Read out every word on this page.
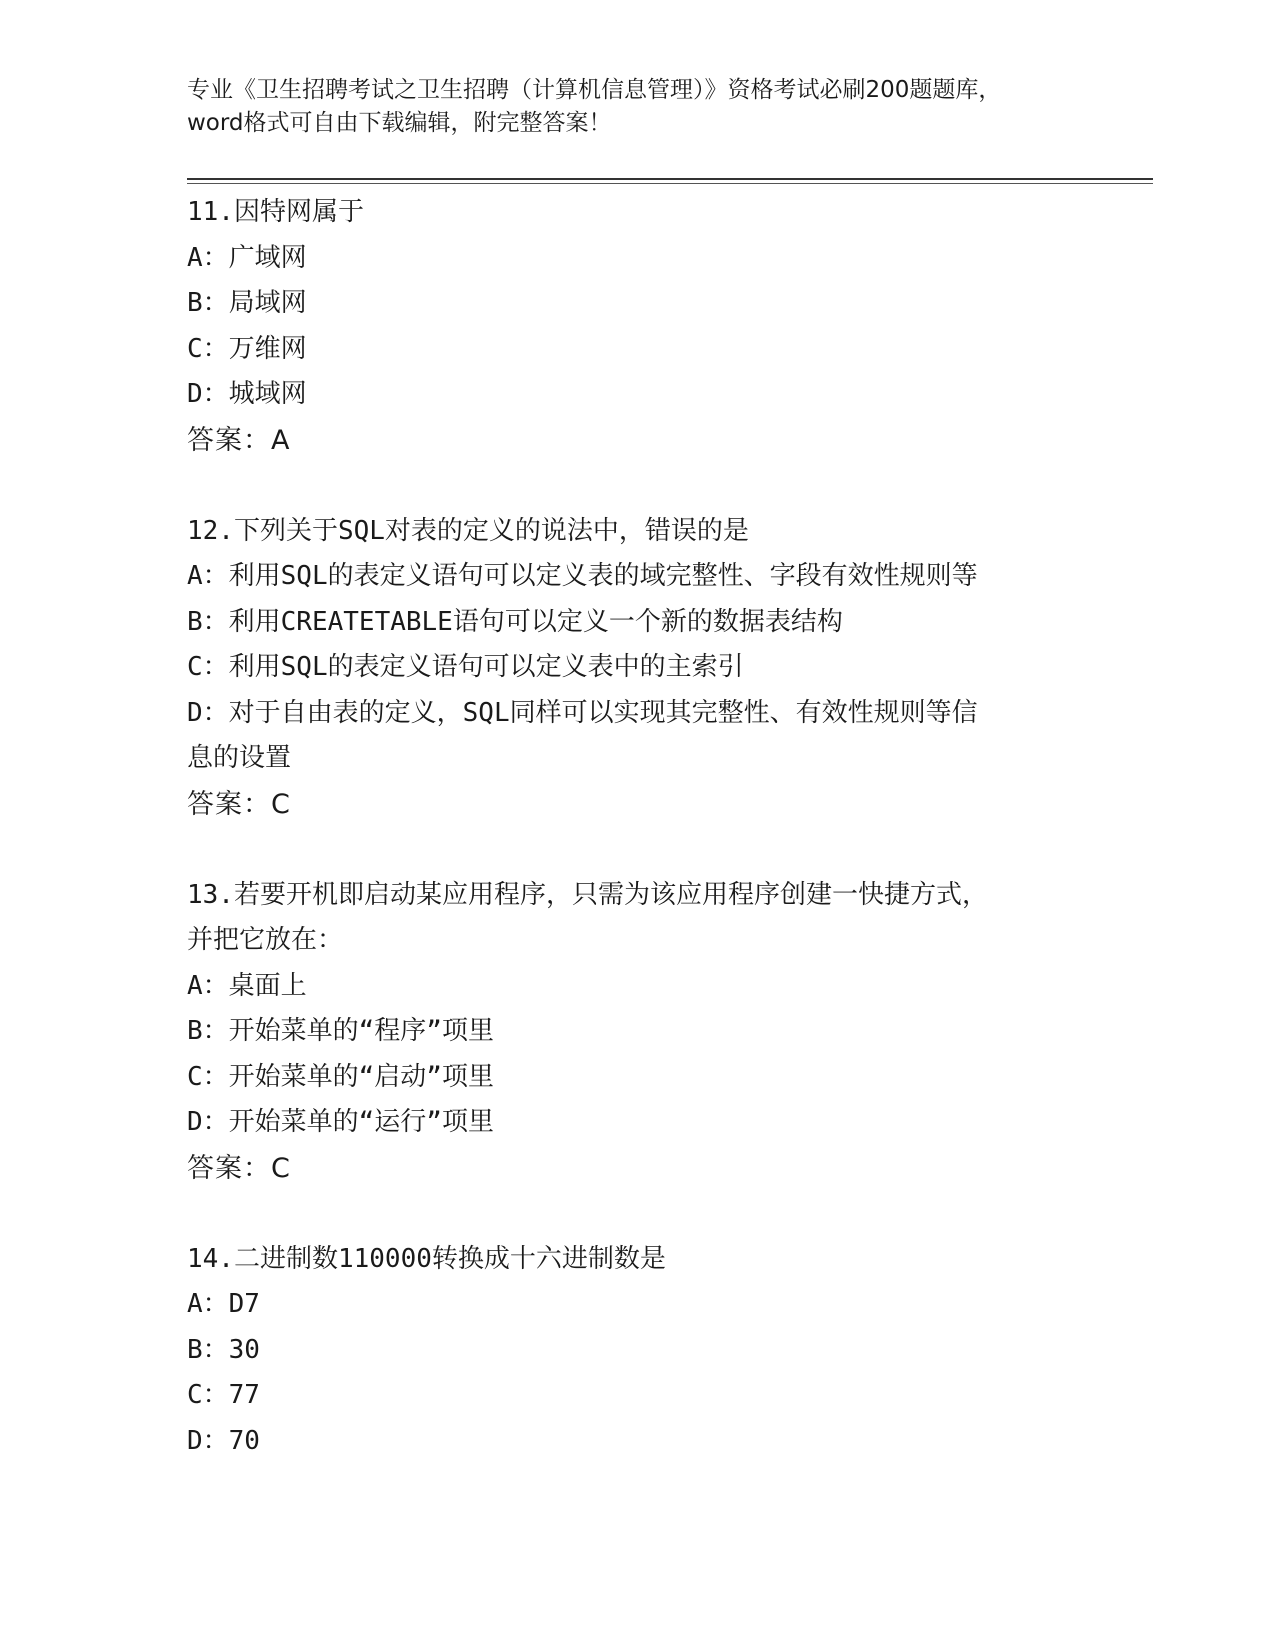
专业《卫生招聘考试之卫生招聘（计算机信息管理）》资格考试必刷200题题库，
word格式可自由下载编辑，附完整答案！
11.因特网属于
A：广域网
B：局域网
C：万维网
D：城域网
答案：A
12.下列关于SQL对表的定义的说法中，错误的是
A：利用SQL的表定义语句可以定义表的域完整性、字段有效性规则等
B：利用CREATETABLE语句可以定义一个新的数据表结构
C：利用SQL的表定义语句可以定义表中的主索引
D：对于自由表的定义，SQL同样可以实现其完整性、有效性规则等信
息的设置
答案：C
13.若要开机即启动某应用程序，只需为该应用程序创建一快捷方式，
并把它放在：
A：桌面上
B：开始菜单的“程序”项里
C：开始菜单的“启动”项里
D：开始菜单的“运行”项里
答案：C
14.二进制数110000转换成十六进制数是
A：D7
B：30
C：77
D：70
